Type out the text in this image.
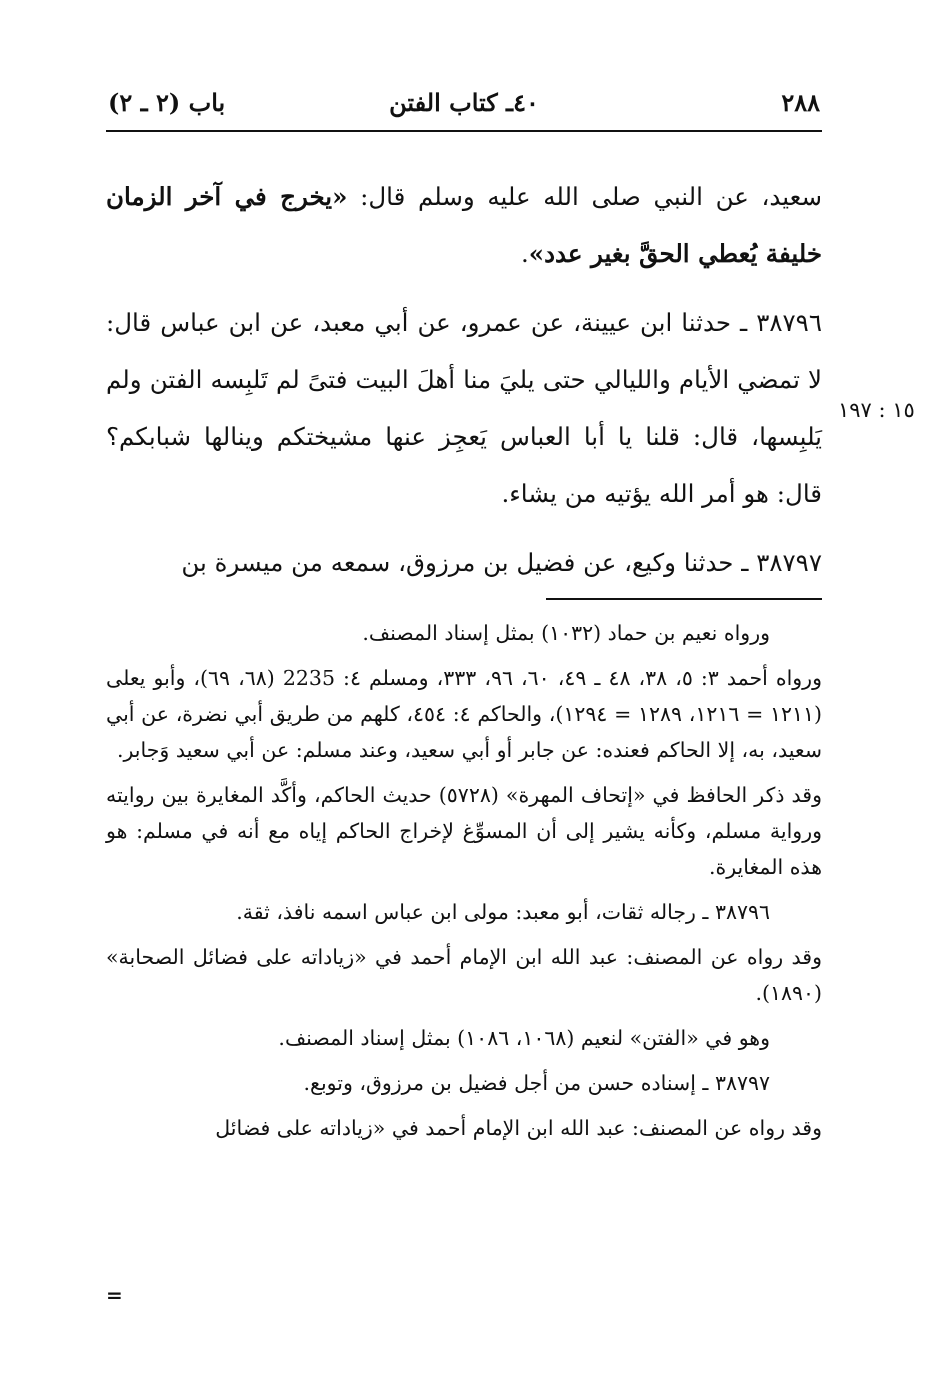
٢٨٨
٤٠ـ كتاب الفتن
باب (٢ ـ ٢)

سعيد، عن النبي صلى الله عليه وسلم قال: «يخرج في آخر الزمان خليفة يُعطي الحقَّ بغير عدد».

٣٨٧٩٦ ـ حدثنا ابن عيينة، عن عمرو، عن أبي معبد، عن ابن عباس قال: لا تمضي الأيام والليالي حتى يليَ منا أهلَ البيت فتىً لم تَلبِسه الفتن ولم يَلبِسها، قال: قلنا يا أبا العباس يَعجِز عنها مشيختكم وينالها شبابكم؟ قال: هو أمر الله يؤتيه من يشاء.

٣٨٧٩٧ ـ حدثنا وكيع، عن فضيل بن مرزوق، سمعه من ميسرة بن

١٥ : ١٩٧

ورواه نعيم بن حماد (١٠٣٢) بمثل إسناد المصنف.

ورواه أحمد ٣: ٥، ٣٨، ٤٨ ـ ٤٩، ٦٠، ٩٦، ٣٣٣، ومسلم ٤: 2235 (٦٨، ٦٩)، وأبو يعلى (١٢١١ = ١٢١٦، ١٢٨٩ = ١٢٩٤)، والحاكم ٤: ٤٥٤، كلهم من طريق أبي نضرة، عن أبي سعيد، به، إلا الحاكم فعنده: عن جابر أو أبي سعيد، وعند مسلم: عن أبي سعيد وَجابر.

وقد ذكر الحافظ في «إتحاف المهرة» (٥٧٢٨) حديث الحاكم، وأكَّد المغايرة بين روايته ورواية مسلم، وكأنه يشير إلى أن المسوِّغ لإخراج الحاكم إياه مع أنه في مسلم: هو هذه المغايرة.

٣٨٧٩٦ ـ رجاله ثقات، أبو معبد: مولى ابن عباس اسمه نافذ، ثقة.

وقد رواه عن المصنف: عبد الله ابن الإمام أحمد في «زياداته على فضائل الصحابة» (١٨٩٠).

وهو في «الفتن» لنعيم (١٠٦٨، ١٠٨٦) بمثل إسناد المصنف.

٣٨٧٩٧ ـ إسناده حسن من أجل فضيل بن مرزوق، وتوبع.

وقد رواه عن المصنف: عبد الله ابن الإمام أحمد في «زياداته على فضائل

=
